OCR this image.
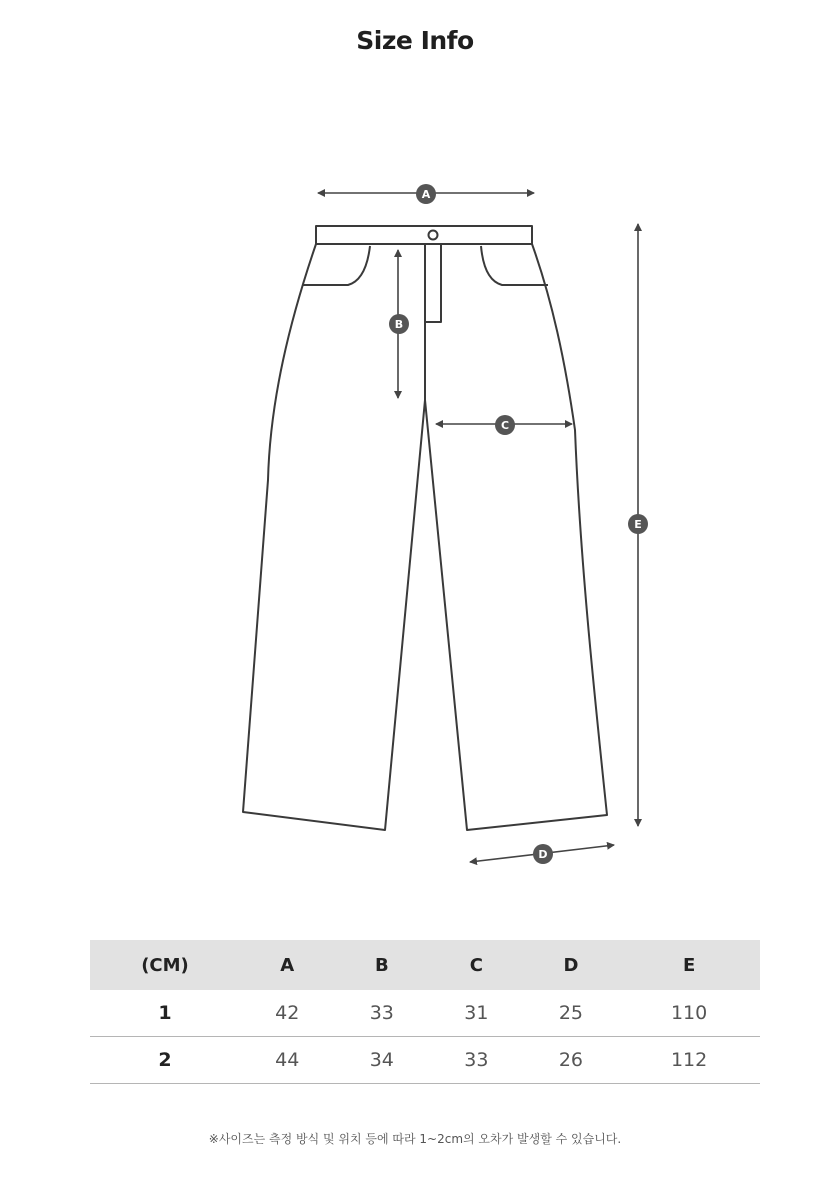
Size Info
A
B
C
D
E
(CM)	A	B	C	D	E
1	42	33	31	25	110
2	44	34	33	26	112
※사이즈는 측정 방식 및 위치 등에 따라 1~2cm의 오차가 발생할 수 있습니다.
